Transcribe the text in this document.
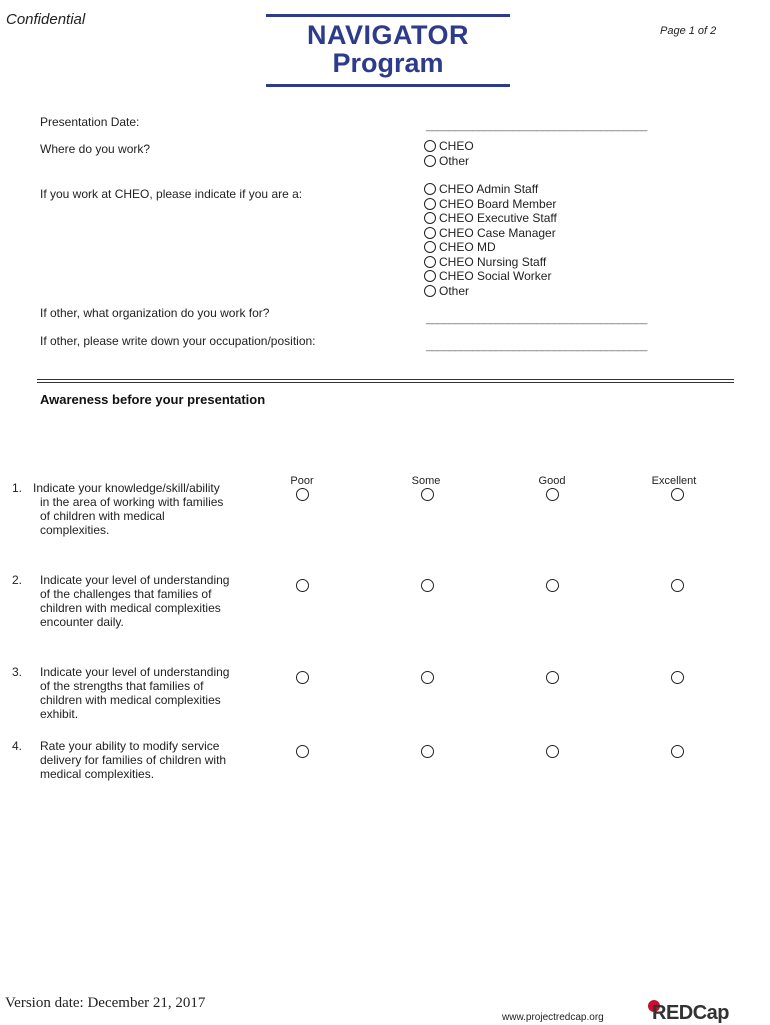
Confidential
Page 1 of 2
NAVIGATOR
Program
Presentation Date:	______________________________________
Where do you work?	CHEO
Other
If you work at CHEO, please indicate if you are a:	CHEO Admin Staff
CHEO Board Member
CHEO Executive Staff
CHEO Case Manager
CHEO MD
CHEO Nursing Staff
CHEO Social Worker
Other
If other, what organization do you work for?	______________________________________
If other, please write down your occupation/position:	______________________________________
Awareness before your presentation
Poor	Some	Good	Excellent
1. Indicate your knowledge/skill/ability in the area of working with families of children with medical complexities.
2. Indicate your level of understanding of the challenges that families of children with medical complexities encounter daily.
3. Indicate your level of understanding of the strengths that families of children with medical complexities exhibit.
4. Rate your ability to modify service delivery for families of children with medical complexities.
Version date: December 21, 2017
www.projectredcap.org REDCap
